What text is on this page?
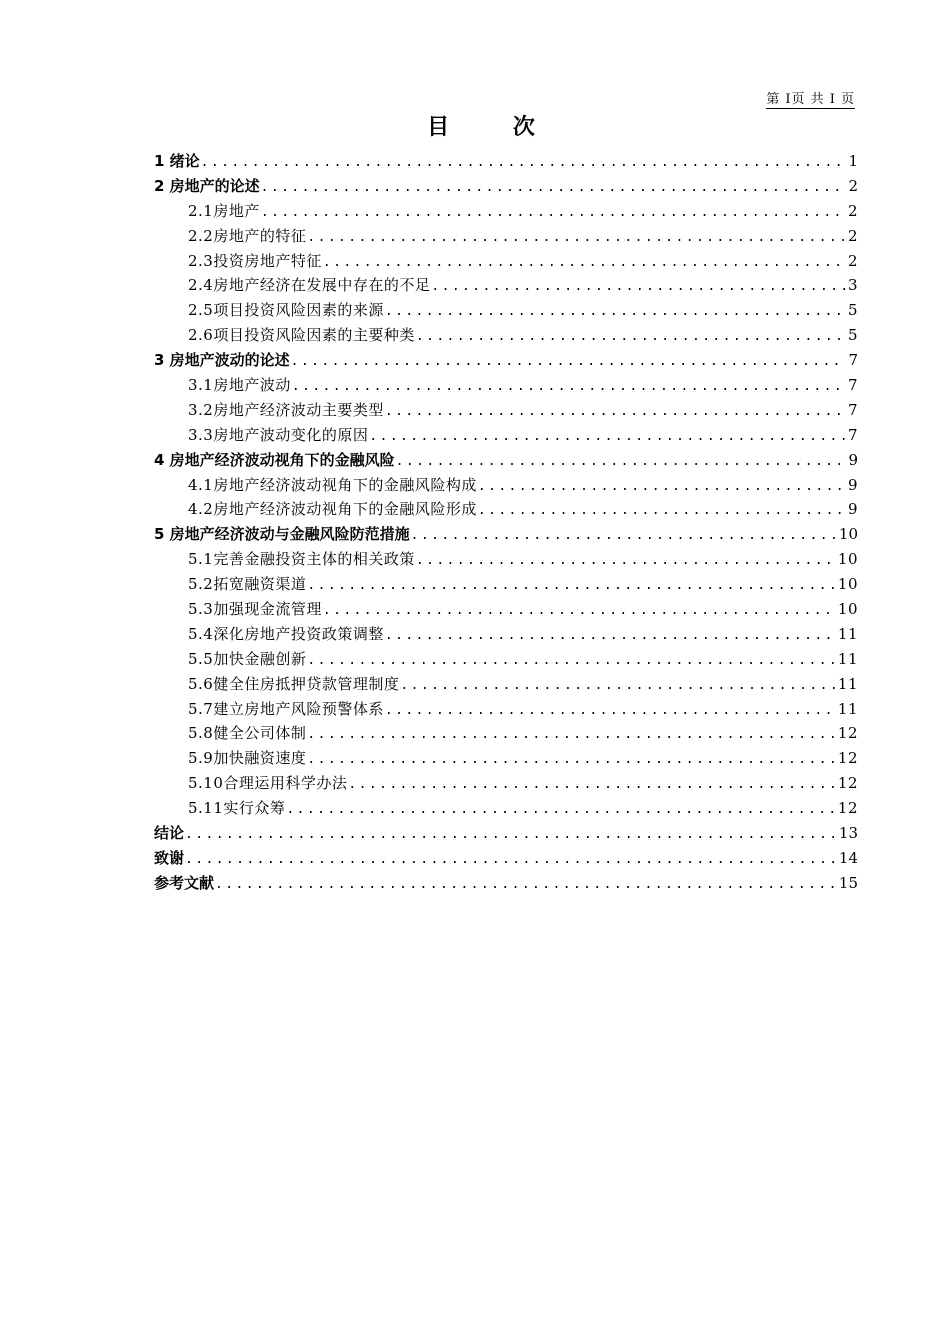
第 I页 共 I 页
目 次
1 绪论 .....	1
2 房地产的论述 .....	2
2.1房地产 .....	2
2.2房地产的特征 .....	2
2.3投资房地产特征 .....	2
2.4房地产经济在发展中存在的不足 .....	3
2.5项目投资风险因素的来源 .....	5
2.6项目投资风险因素的主要种类 .....	5
3 房地产波动的论述 .....	7
3.1房地产波动 .....	7
3.2房地产经济波动主要类型 .....	7
3.3房地产波动变化的原因 .....	7
4 房地产经济波动视角下的金融风险 .....	9
4.1房地产经济波动视角下的金融风险构成 .....	9
4.2房地产经济波动视角下的金融风险形成 .....	9
5 房地产经济波动与金融风险防范措施 .....	10
5.1完善金融投资主体的相关政策 .....	10
5.2拓宽融资渠道 .....	10
5.3加强现金流管理 .....	10
5.4深化房地产投资政策调整 .....	11
5.5加快金融创新 .....	11
5.6健全住房抵押贷款管理制度 .....	11
5.7建立房地产风险预警体系 .....	11
5.8健全公司体制 .....	12
5.9加快融资速度 .....	12
5.10合理运用科学办法 .....	12
5.11实行众筹 .....	12
结论 .....	13
致谢 .....	14
参考文献 .....	15
